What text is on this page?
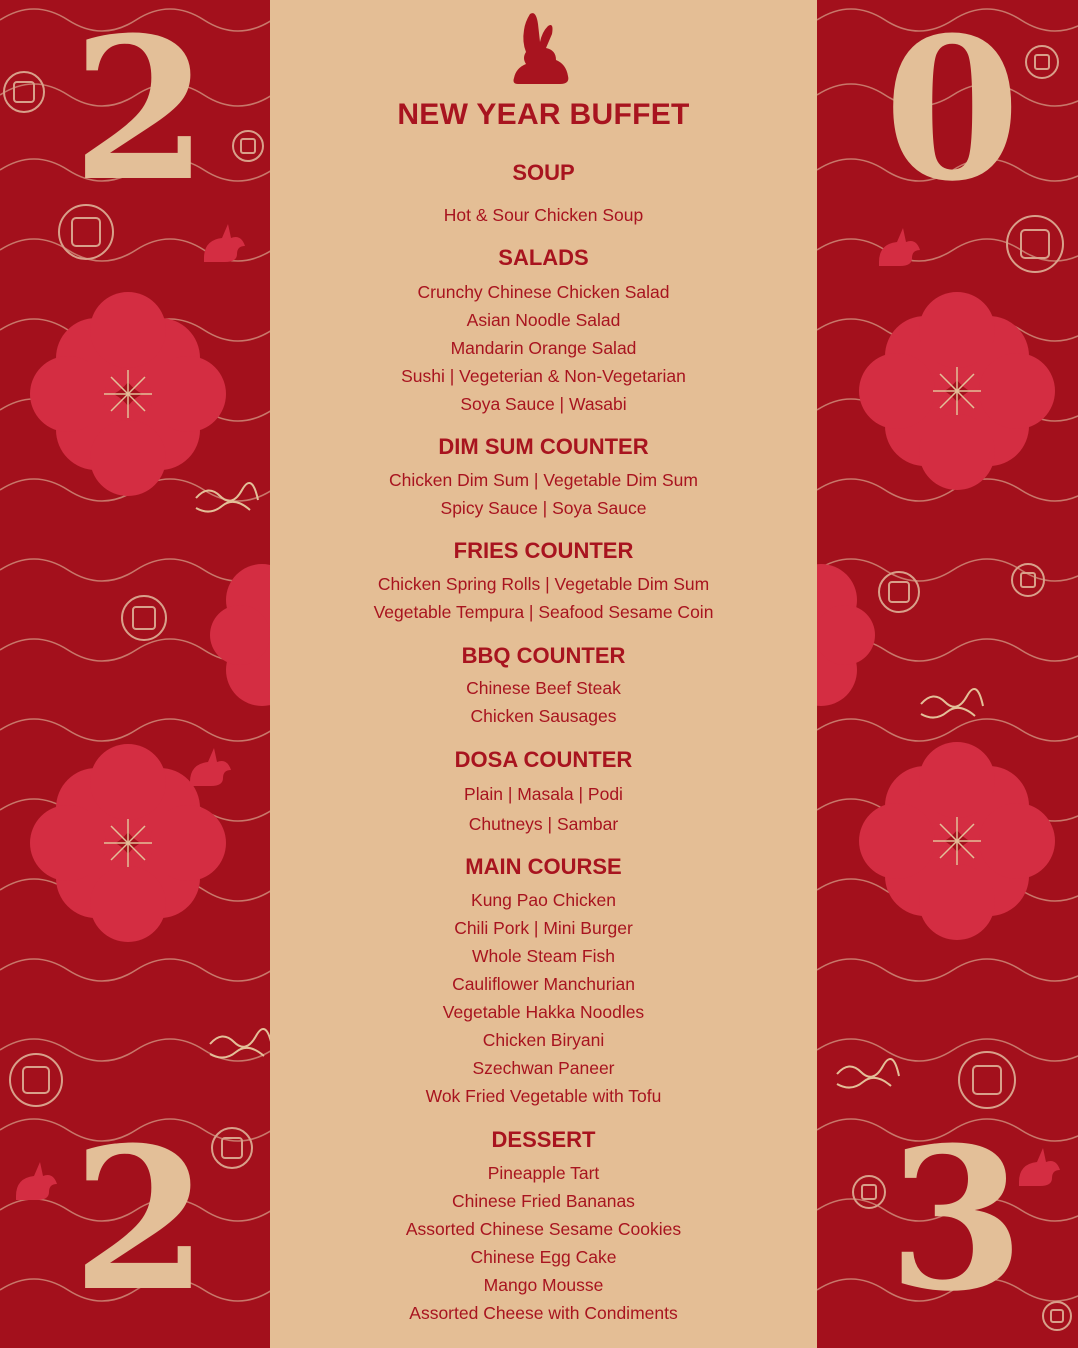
2	0
2	3
NEW YEAR BUFFET
SOUP
Hot & Sour Chicken Soup
SALADS
Crunchy Chinese Chicken Salad
Asian Noodle Salad
Mandarin Orange Salad
Sushi | Vegeterian & Non-Vegetarian
Soya Sauce | Wasabi
DIM SUM COUNTER
Chicken Dim Sum | Vegetable Dim Sum
Spicy Sauce | Soya Sauce
FRIES COUNTER
Chicken Spring Rolls | Vegetable Dim Sum
Vegetable Tempura | Seafood Sesame Coin
BBQ COUNTER
Chinese Beef Steak
Chicken Sausages
DOSA COUNTER
Plain | Masala | Podi
Chutneys | Sambar
MAIN COURSE
Kung Pao Chicken
Chili Pork | Mini Burger
Whole Steam Fish
Cauliflower Manchurian
Vegetable Hakka Noodles
Chicken Biryani
Szechwan Paneer
Wok Fried Vegetable with Tofu
DESSERT
Pineapple Tart
Chinese Fried Bananas
Assorted Chinese Sesame Cookies
Chinese Egg Cake
Mango Mousse
Assorted Cheese with Condiments
